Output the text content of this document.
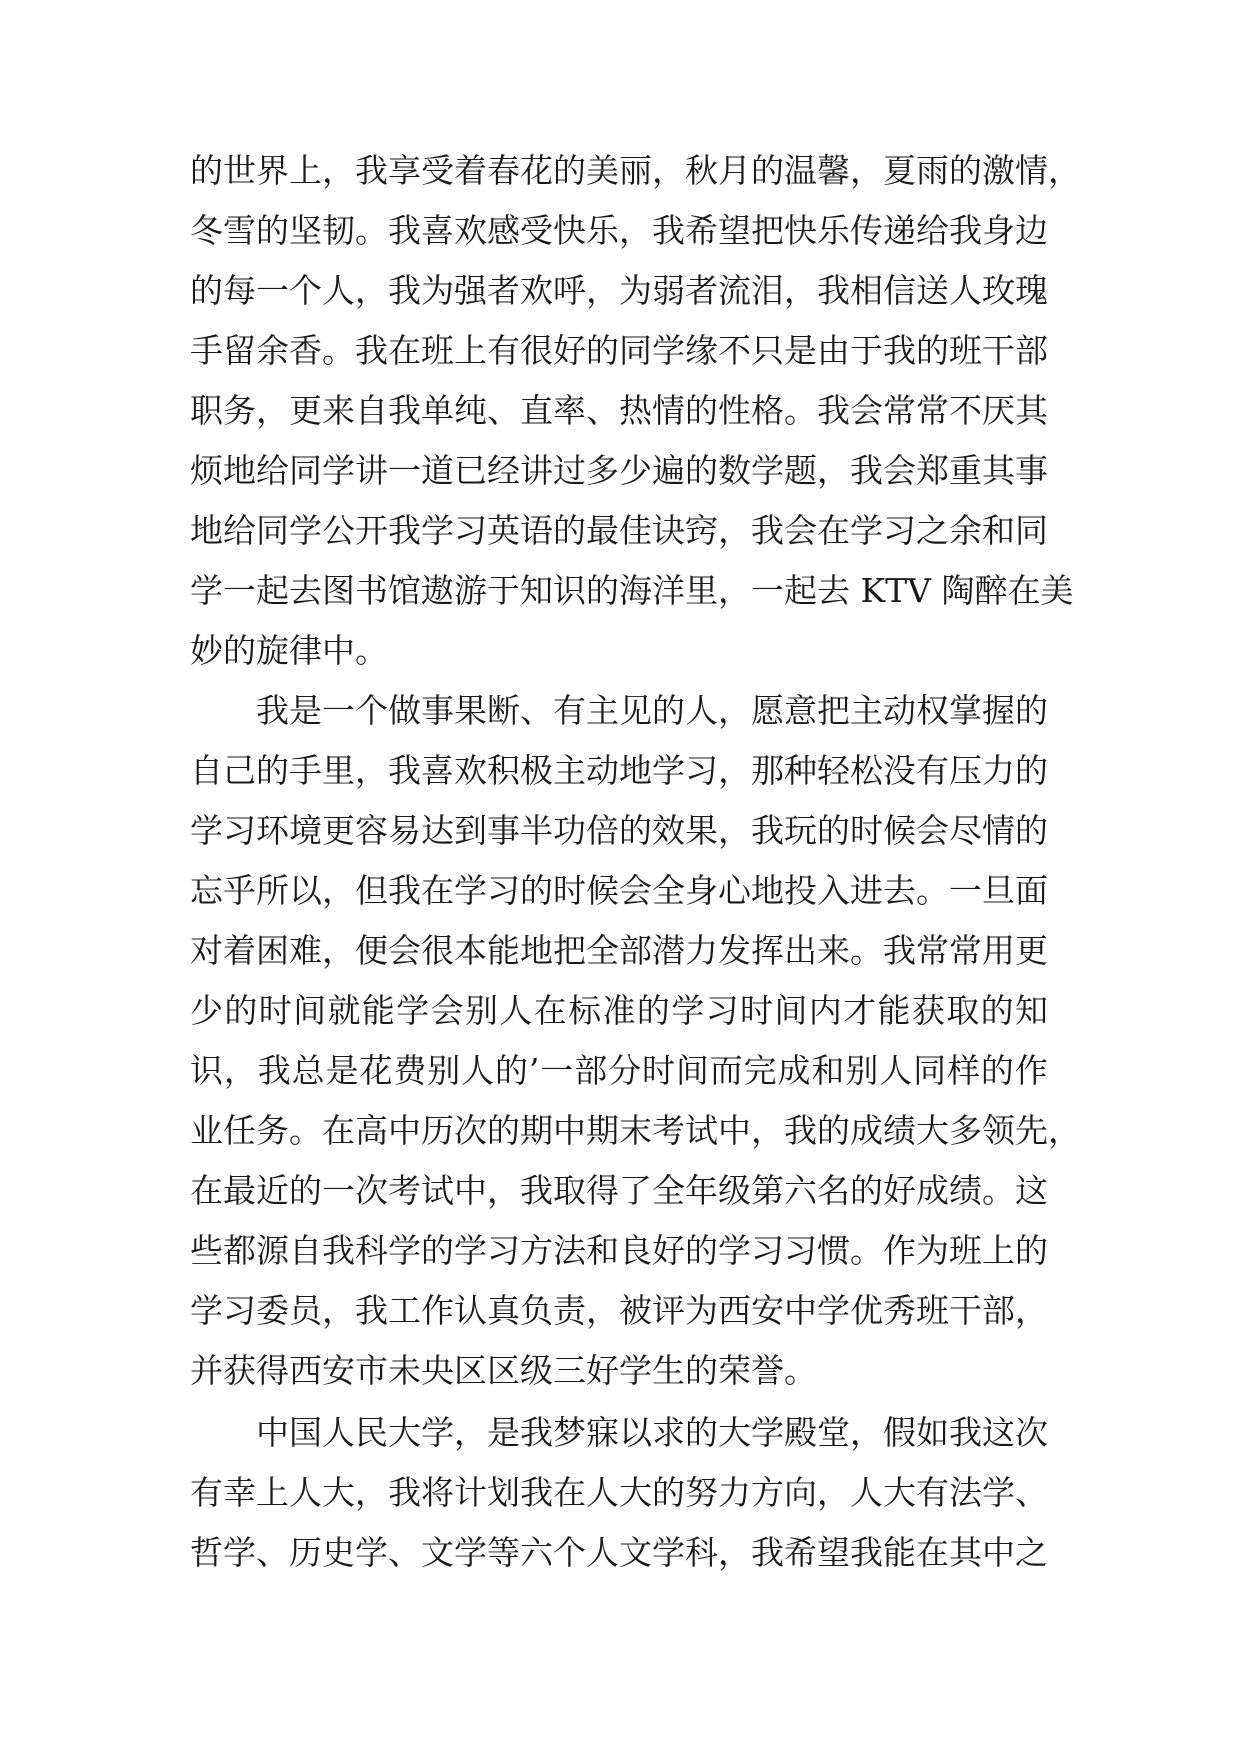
的 世 界 上 ， 我 享 受 着 春 花 的 美 丽 ， 秋 月 的 温 馨 ， 夏 雨 的 激 情 ，
冬 雪 的 坚 韧 。 我 喜 欢 感 受 快 乐 ， 我 希 望 把 快 乐 传 递 给 我 身 边
的 每 一 个 人 ， 我 为 强 者 欢 呼 ， 为 弱 者 流 泪 ， 我 相 信 送 人 玫 瑰
手 留 余 香 。 我 在 班 上 有 很 好 的 同 学 缘 不 只 是 由 于 我 的 班 干 部
职 务 ， 更 来 自 我 单 纯 、 直 率 、 热 情 的 性 格 。 我 会 常 常 不 厌 其
烦 地 给 同 学 讲 一 道 已 经 讲 过 多 少 遍 的 数 学 题 ， 我 会 郑 重 其 事
地 给 同 学 公 开 我 学 习 英 语 的 最 佳 诀 窍 ， 我 会 在 学 习 之 余 和 同
学 一 起 去 图 书 馆 遨 游 于 知 识 的 海 洋 里 ， 一 起 去
K T V
陶 醉 在 美
妙的旋律中。
我 是 一 个 做 事 果 断 、 有 主 见 的 人 ， 愿 意 把 主 动 权 掌 握 的
自 己 的 手 里 ， 我 喜 欢 积 极 主 动 地 学 习 ， 那 种 轻 松 没 有 压 力 的
学 习 环 境 更 容 易 达 到 事 半 功 倍 的 效 果 ， 我 玩 的 时 候 会 尽 情 的
忘 乎 所 以 ， 但 我 在 学 习 的 时 候 会 全 身 心 地 投 入 进 去 。 一 旦 面
对 着 困 难 ， 便 会 很 本 能 地 把 全 部 潜 力 发 挥 出 来 。 我 常 常 用 更
少 的 时 间 就 能 学 会 别 人 在 标 准 的 学 习 时 间 内 才 能 获 取 的 知
识 ， 我 总 是 花 费 别 人 的 ’ 一 部 分 时 间 而 完 成 和 别 人 同 样 的 作
业 任 务 。 在 高 中 历 次 的 期 中 期 末 考 试 中 ， 我 的 成 绩 大 多 领 先 ，
在 最 近 的 一 次 考 试 中 ， 我 取 得 了 全 年 级 第 六 名 的 好 成 绩 。 这
些 都 源 自 我 科 学 的 学 习 方 法 和 良 好 的 学 习 习 惯 。 作 为 班 上 的
学 习 委 员 ， 我 工 作 认 真 负 责 ， 被 评 为 西 安 中 学 优 秀 班 干 部 ，
并获得西安市未央区区级三好学生的荣誉。
中 国 人 民 大 学 ， 是 我 梦 寐 以 求 的 大 学 殿 堂 ， 假 如 我 这 次
有 幸 上 人 大 ， 我 将 计 划 我 在 人 大 的 努 力 方 向 ， 人 大 有 法 学 、
哲 学 、 历 史 学 、 文 学 等 六 个 人 文 学 科 ， 我 希 望 我 能 在 其 中 之
